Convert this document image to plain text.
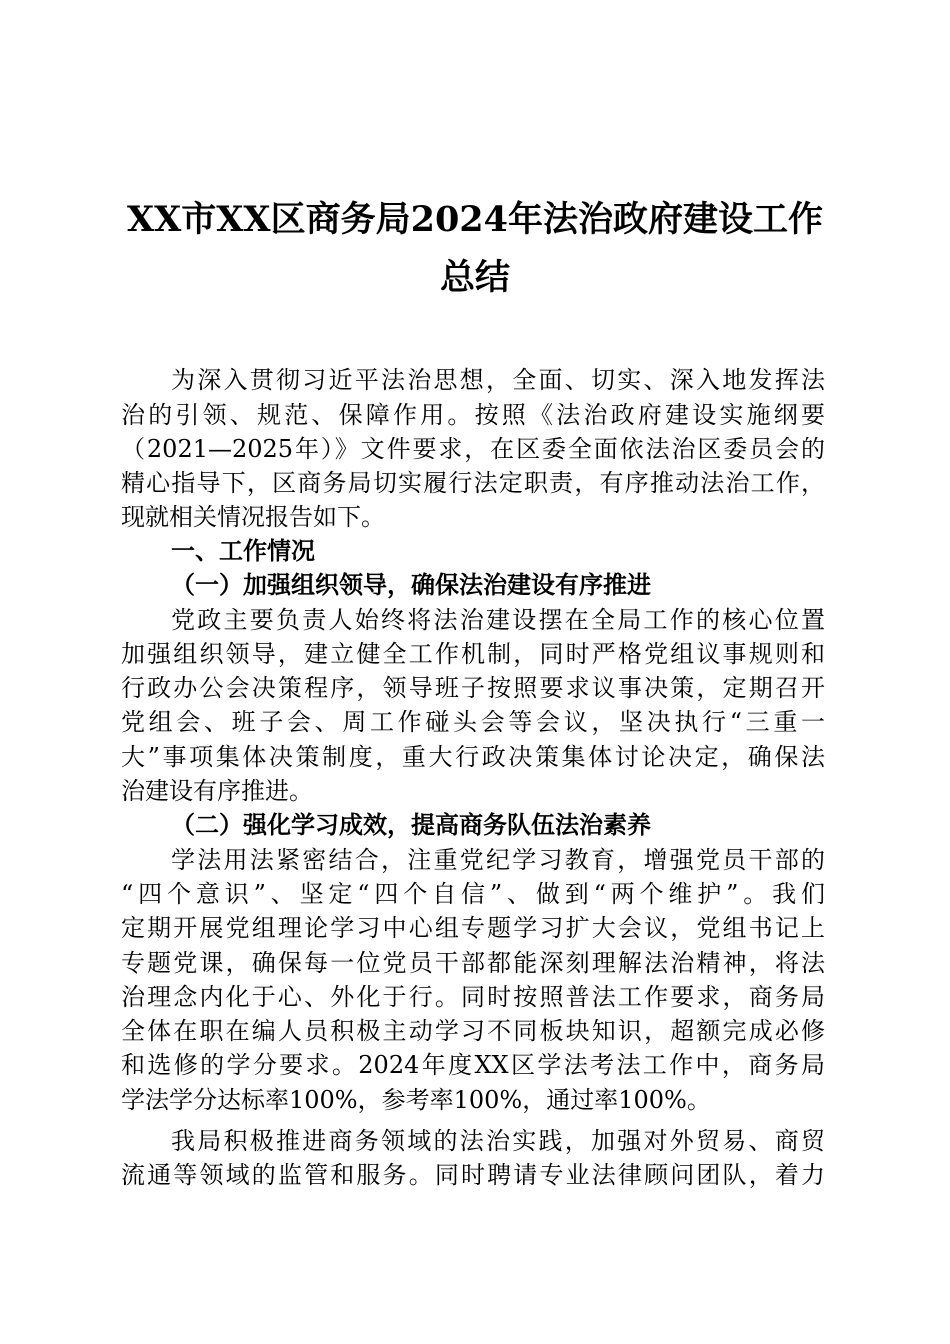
XX市XX区商务局2024年法治政府建设工作
总结
为深入贯彻习近平法治思想，全面、切实、深入地发挥法
治的引领、规范、保障作用。按照《法治政府建设实施纲要
（2021—2025年）》文件要求，在区委全面依法治区委员会的
精心指导下，区商务局切实履行法定职责，有序推动法治工作，
现就相关情况报告如下。
一、工作情况
（一）加强组织领导，确保法治建设有序推进
党政主要负责人始终将法治建设摆在全局工作的核心位置
加强组织领导，建立健全工作机制，同时严格党组议事规则和
行政办公会决策程序，领导班子按照要求议事决策，定期召开
党组会、班子会、周工作碰头会等会议，坚决执行“三重一
大”事项集体决策制度，重大行政决策集体讨论决定，确保法
治建设有序推进。
（二）强化学习成效，提高商务队伍法治素养
学法用法紧密结合，注重党纪学习教育，增强党员干部的
“四个意识”、坚定“四个自信”、做到“两个维护”。我们
定期开展党组理论学习中心组专题学习扩大会议，党组书记上
专题党课，确保每一位党员干部都能深刻理解法治精神，将法
治理念内化于心、外化于行。同时按照普法工作要求，商务局
全体在职在编人员积极主动学习不同板块知识，超额完成必修
和选修的学分要求。2024年度XX区学法考法工作中，商务局
学法学分达标率100%，参考率100%，通过率100%。
我局积极推进商务领域的法治实践，加强对外贸易、商贸
流通等领域的监管和服务。同时聘请专业法律顾问团队，着力
